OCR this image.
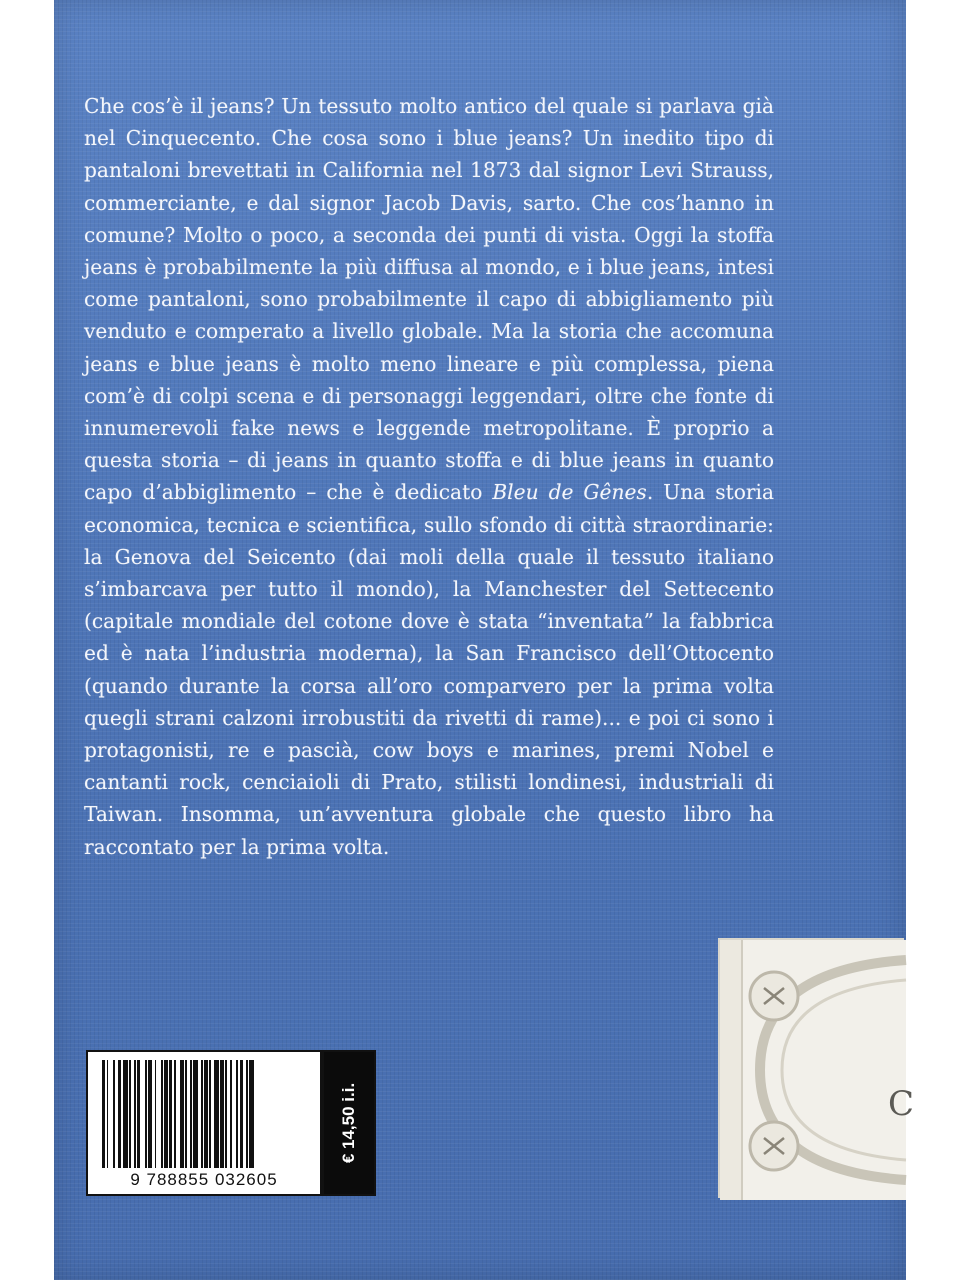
Che cos’è il jeans? Un tessuto molto antico del quale si parlava già nel Cinquecento. Che cosa sono i blue jeans? Un inedito tipo di pantaloni brevettati in California nel 1873 dal signor Levi Strauss, commerciante, e dal signor Jacob Davis, sarto. Che cos’hanno in comune? Molto o poco, a seconda dei punti di vista. Oggi la stoffa jeans è probabilmente la più diffusa al mondo, e i blue jeans, intesi come pantaloni, sono probabilmente il capo di abbigliamento più venduto e comperato a livello globale. Ma la storia che accomuna jeans e blue jeans è molto meno lineare e più complessa, piena com’è di colpi scena e di personaggi leggendari, oltre che fonte di innumerevoli fake news e leggende metropolitane. È proprio a questa storia – di jeans in quanto stoffa e di blue jeans in quanto capo d’abbiglimento – che è dedicato Bleu de Gênes. Una storia economica, tecnica e scientifica, sullo sfondo di città straordinarie: la Genova del Seicento (dai moli della quale il tessuto italiano s’imbarcava per tutto il mondo), la Manchester del Settecento (capitale mondiale del cotone dove è stata “inventata” la fabbrica ed è nata l’industria moderna), la San Francisco dell’Ottocento (quando durante la corsa all’oro comparvero per la prima volta quegli strani calzoni irrobustiti da rivetti di rame)... e poi ci sono i protagonisti, re e pascià, cow boys e marines, premi Nobel e cantanti rock, cenciaioli di Prato, stilisti londinesi, industriali di Taiwan. Insomma, un’avventura globale che questo libro ha raccontato per la prima volta.

9 788855 032605
€ 14,50 i.i.	C
